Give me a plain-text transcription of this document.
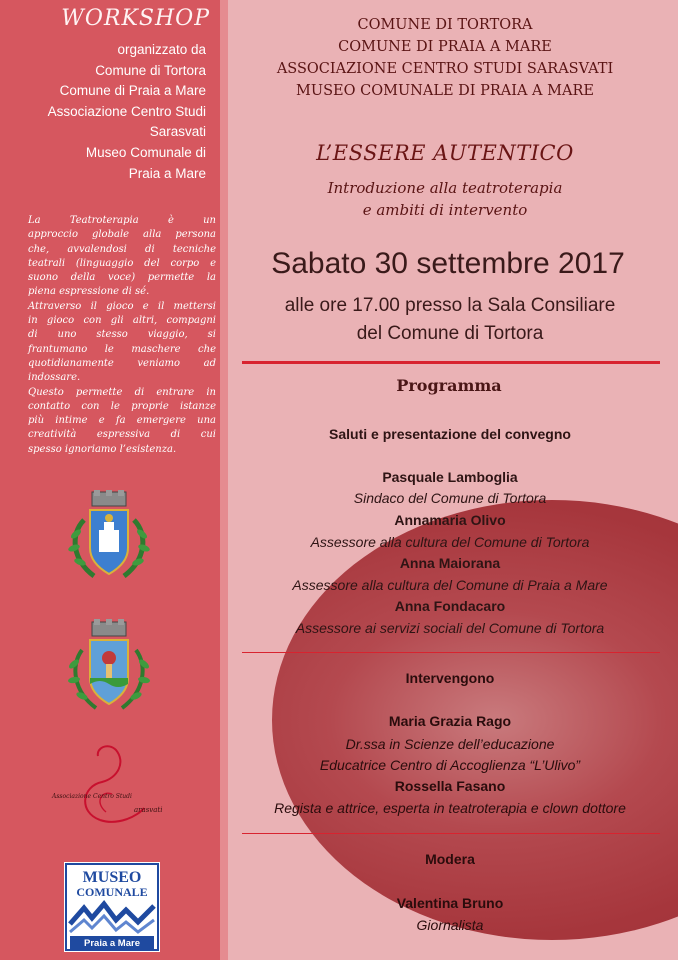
WORKSHOP
organizzato da
Comune di Tortora
Comune di Praia a Mare
Associazione Centro Studi
Sarasvati
Museo Comunale di
Praia a Mare
La Teatroterapia è un
approccio globale alla persona
che, avvalendosi di tecniche
teatrali (linguaggio del corpo e
suono della voce) permette la
piena espressione di sé.
Attraverso il gioco e il mettersi
in gioco con gli altri, compagni
di uno stesso viaggio, si
frantumano le maschere che
quotidianamente veniamo ad
indossare.
Questo permette di entrare in
contatto con le proprie istanze
più intime e fa emergere una
creatività espressiva di cui
spesso ignoriamo l’esistenza.
Associazione Centro Studi
arasvati
MUSEO
COMUNALE
Praia a Mare
COMUNE DI TORTORA
COMUNE DI PRAIA A MARE
ASSOCIAZIONE CENTRO STUDI SARASVATI
MUSEO COMUNALE DI PRAIA A MARE
L’ESSERE AUTENTICO
Introduzione alla teatroterapia
e ambiti di intervento
Sabato 30 settembre 2017
alle ore 17.00 presso la Sala Consiliare
del Comune di Tortora
Programma
Saluti e presentazione del convegno
Pasquale Lamboglia
Sindaco del Comune di Tortora
Annamaria Olivo
Assessore alla cultura del Comune di Tortora
Anna Maiorana
Assessore alla cultura del Comune di Praia a Mare
Anna Fondacaro
Assessore ai servizi sociali del Comune di Tortora
Intervengono
Maria Grazia Rago
Dr.ssa in Scienze dell’educazione
Educatrice Centro di Accoglienza “L’Ulivo”
Rossella Fasano
Regista e attrice, esperta in teatroterapia e clown dottore
Modera
Valentina Bruno
Giornalista
